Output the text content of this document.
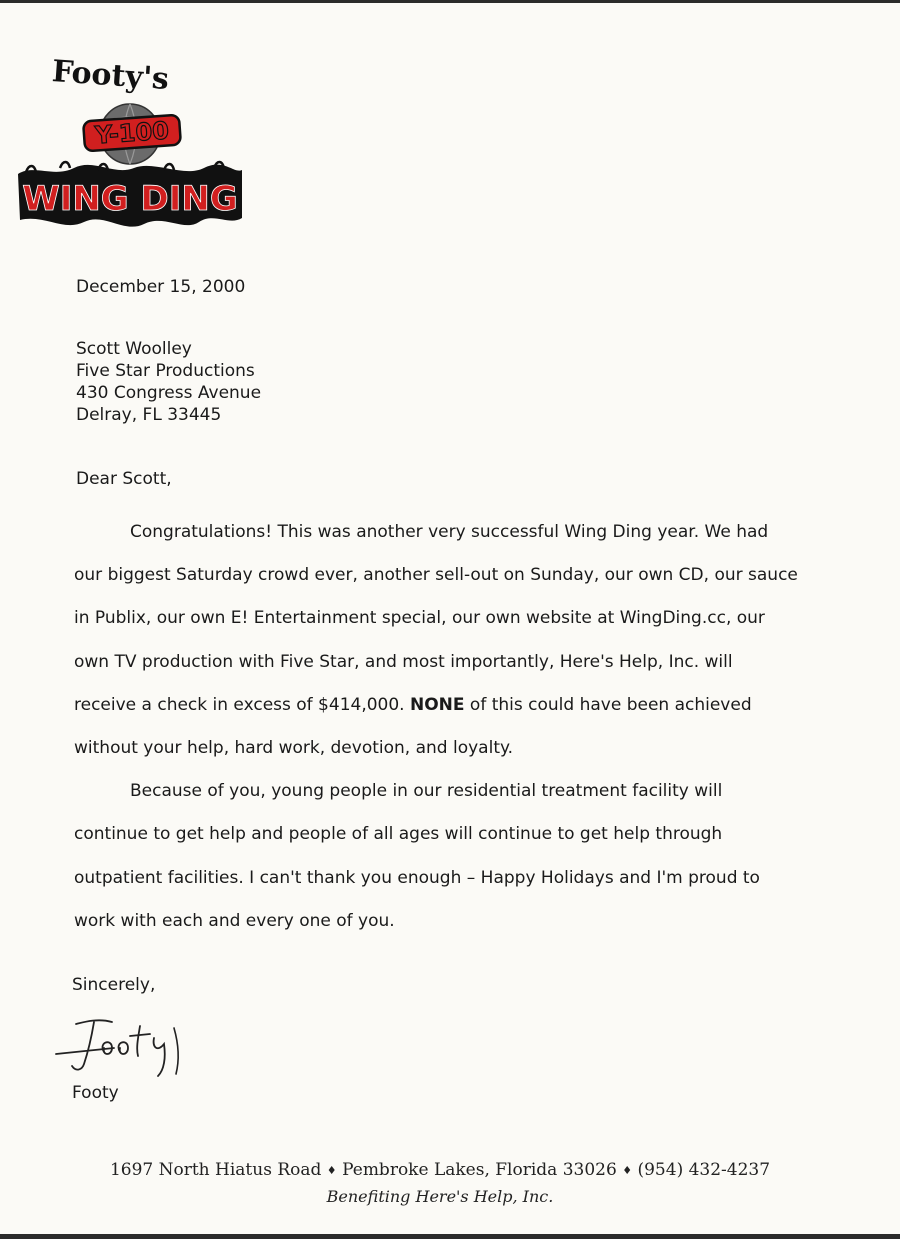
Footy's
Y-100
WING DING
December 15, 2000
Scott Woolley
Five Star Productions
430 Congress Avenue
Delray, FL 33445
Dear Scott,

Congratulations! This was another very successful Wing Ding year. We had our biggest Saturday crowd ever, another sell-out on Sunday, our own CD, our sauce in Publix, our own E! Entertainment special, our own website at WingDing.cc, our own TV production with Five Star, and most importantly, Here's Help, Inc. will receive a check in excess of $414,000. NONE of this could have been achieved without your help, hard work, devotion, and loyalty.

Because of you, young people in our residential treatment facility will continue to get help and people of all ages will continue to get help through outpatient facilities. I can't thank you enough – Happy Holidays and I'm proud to work with each and every one of you.

Sincerely,
Footy
1697 North Hiatus Road ♦ Pembroke Lakes, Florida 33026 ♦ (954) 432-4237
Benefiting Here's Help, Inc.
